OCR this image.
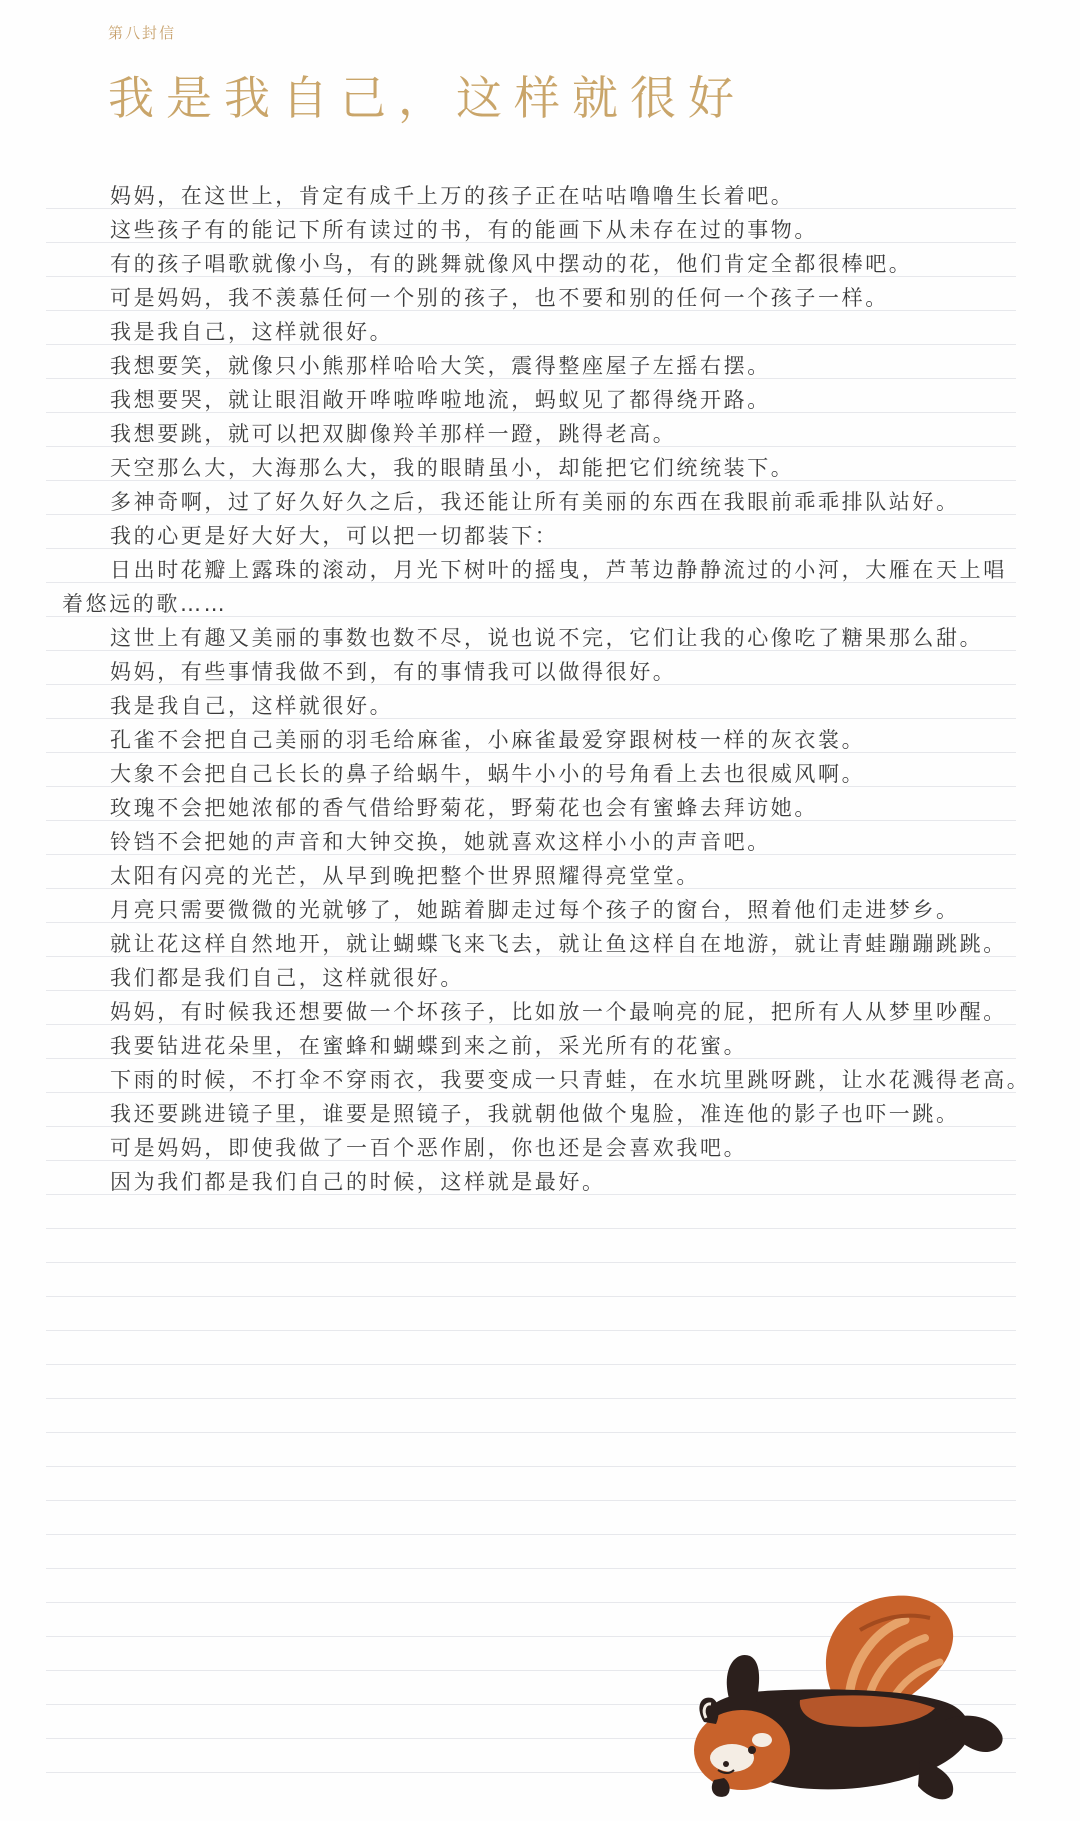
第八封信
我是我自己，这样就很好
妈妈，在这世上，肯定有成千上万的孩子正在咕咕噜噜生长着吧。
这些孩子有的能记下所有读过的书，有的能画下从未存在过的事物。
有的孩子唱歌就像小鸟，有的跳舞就像风中摆动的花，他们肯定全都很棒吧。
可是妈妈，我不羡慕任何一个别的孩子，也不要和别的任何一个孩子一样。
我是我自己，这样就很好。
我想要笑，就像只小熊那样哈哈大笑，震得整座屋子左摇右摆。
我想要哭，就让眼泪敞开哗啦哗啦地流，蚂蚁见了都得绕开路。
我想要跳，就可以把双脚像羚羊那样一蹬，跳得老高。
天空那么大，大海那么大，我的眼睛虽小，却能把它们统统装下。
多神奇啊，过了好久好久之后，我还能让所有美丽的东西在我眼前乖乖排队站好。
我的心更是好大好大，可以把一切都装下：
日出时花瓣上露珠的滚动，月光下树叶的摇曳，芦苇边静静流过的小河，大雁在天上唱
着悠远的歌……
这世上有趣又美丽的事数也数不尽，说也说不完，它们让我的心像吃了糖果那么甜。
妈妈，有些事情我做不到，有的事情我可以做得很好。
我是我自己，这样就很好。
孔雀不会把自己美丽的羽毛给麻雀，小麻雀最爱穿跟树枝一样的灰衣裳。
大象不会把自己长长的鼻子给蜗牛，蜗牛小小的号角看上去也很威风啊。
玫瑰不会把她浓郁的香气借给野菊花，野菊花也会有蜜蜂去拜访她。
铃铛不会把她的声音和大钟交换，她就喜欢这样小小的声音吧。
太阳有闪亮的光芒，从早到晚把整个世界照耀得亮堂堂。
月亮只需要微微的光就够了，她踮着脚走过每个孩子的窗台，照着他们走进梦乡。
就让花这样自然地开，就让蝴蝶飞来飞去，就让鱼这样自在地游，就让青蛙蹦蹦跳跳。
我们都是我们自己，这样就很好。
妈妈，有时候我还想要做一个坏孩子，比如放一个最响亮的屁，把所有人从梦里吵醒。
我要钻进花朵里，在蜜蜂和蝴蝶到来之前，采光所有的花蜜。
下雨的时候，不打伞不穿雨衣，我要变成一只青蛙，在水坑里跳呀跳，让水花溅得老高。
我还要跳进镜子里，谁要是照镜子，我就朝他做个鬼脸，准连他的影子也吓一跳。
可是妈妈，即使我做了一百个恶作剧，你也还是会喜欢我吧。
因为我们都是我们自己的时候，这样就是最好。
